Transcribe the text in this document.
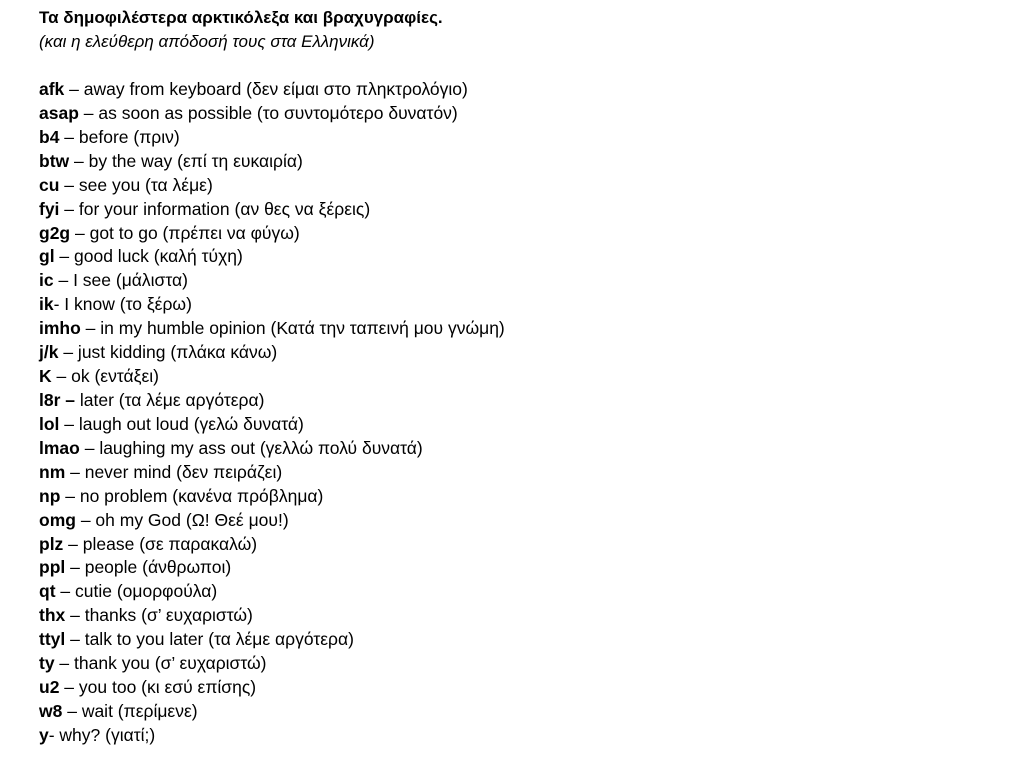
Τα δημοφιλέστερα αρκτικόλεξα και βραχυγραφίες.
(και η ελεύθερη απόδοσή τους στα Ελληνικά)
afk – away from keyboard (δεν είμαι στο πληκτρολόγιο)
asap – as soon as possible (το συντομότερο δυνατόν)
b4 – before (πριν)
btw – by the way (επί τη ευκαιρία)
cu – see you (τα λέμε)
fyi – for your information (αν θες να ξέρεις)
g2g – got to go (πρέπει να φύγω)
gl – good luck (καλή τύχη)
ic – I see (μάλιστα)
ik- I know (το ξέρω)
imho – in my humble opinion (Κατά την ταπεινή μου γνώμη)
j/k – just kidding (πλάκα κάνω)
K – ok (εντάξει)
l8r – later (τα λέμε αργότερα)
lol – laugh out loud (γελώ δυνατά)
lmao – laughing my ass out (γελλώ πολύ δυνατά)
nm – never mind (δεν πειράζει)
np – no problem (κανένα πρόβλημα)
omg – oh my God (Ω! Θεέ μου!)
plz – please (σε παρακαλώ)
ppl – people (άνθρωποι)
qt – cutie (ομορφούλα)
thx – thanks (σ’ ευχαριστώ)
ttyl – talk to you later (τα λέμε αργότερα)
ty – thank you (σ’ ευχαριστώ)
u2 – you too (κι εσύ επίσης)
w8 – wait (περίμενε)
y- why? (γιατί;)
